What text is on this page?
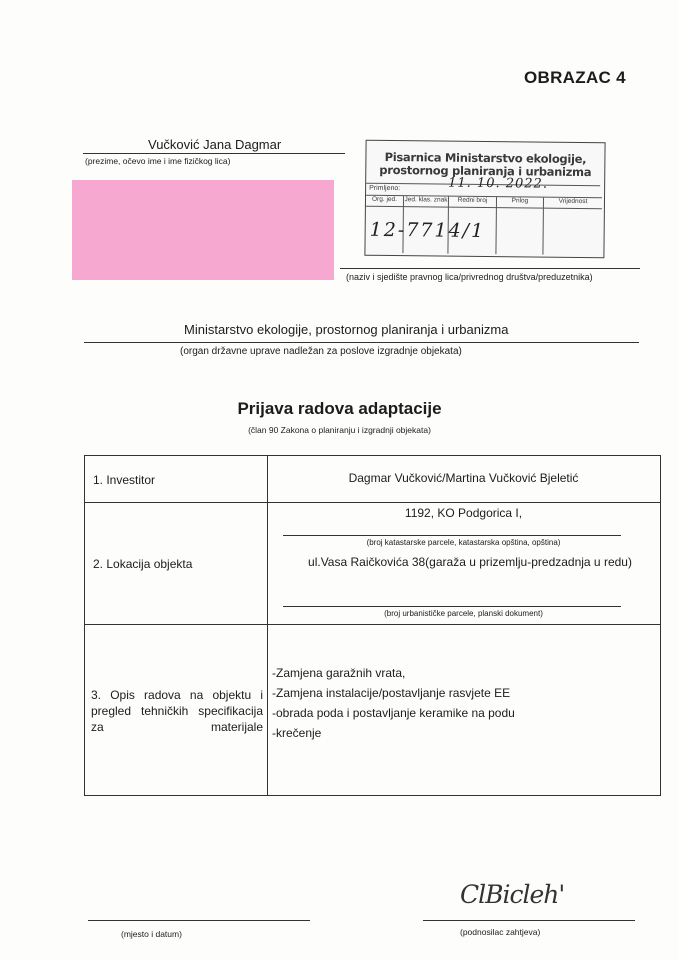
OBRAZAC 4
Vučković Jana Dagmar
(prezime, očevo ime i ime fizičkog lica)	Pisarnica Ministarstvo ekologije, prostornog planiranja i urbanizma
Primljeno:	11. 10. 2022.
Org. jed.	Jed. klas. znak	Redni broj	Prilog	Vrijednost
12-7714/1
(naziv i sjedište pravnog lica/privrednog društva/preduzetnika)
Ministarstvo ekologije, prostornog planiranja i urbanizma
(organ državne uprave nadležan za poslove izgradnje objekata)
Prijava radova adaptacije
(član 90 Zakona o planiranju i izgradnji objekata)
1. Investitor	Dagmar Vučković/Martina Vučković Bjeletić
2. Lokacija objekta
1192, KO Podgorica I,
(broj katastarske parcele, katastarska opština, opština)
ul.Vasa Raičkovića 38(garaža u prizemlju-predzadnja u redu)
(broj urbanističke parcele, planski dokument)
3. Opis radova na objektu i pregled tehničkih specifikacija za materijale
-Zamjena garažnih vrata,
-Zamjena instalacije/postavljanje rasvjete EE
-obrada poda i postavljanje keramike na podu
-krečenje
(mjesto i datum)
ClBicleh'
(podnosilac zahtjeva)
